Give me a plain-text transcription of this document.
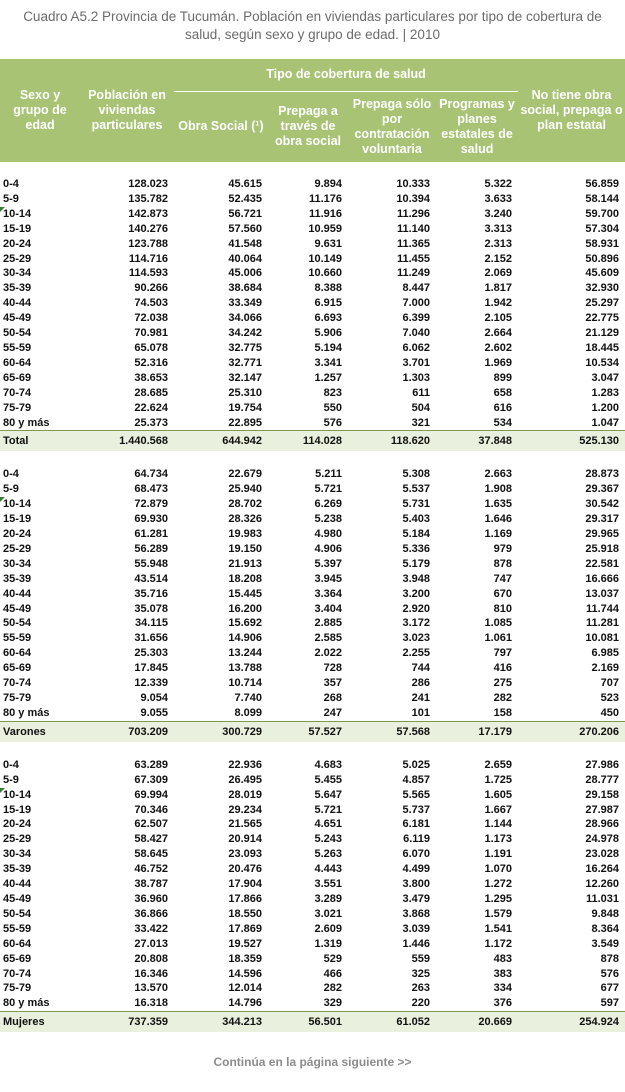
Cuadro A5.2 Provincia de Tucumán. Población en viviendas particulares por tipo de cobertura de salud, según sexo y grupo de edad. | 2010
Sexo y grupo de edad	Población en viviendas particulares	Tipo de cobertura de salud				No tiene obra social, prepaga o plan estatal
		Obra Social (¹)	Prepaga a través de obra social	Prepaga sólo por contratación voluntaria	Programas y planes estatales de salud	

0-4	128.023	45.615	9.894	10.333	5.322	56.859
5-9	135.782	52.435	11.176	10.394	3.633	58.144
10-14	142.873	56.721	11.916	11.296	3.240	59.700
15-19	140.276	57.560	10.959	11.140	3.313	57.304
20-24	123.788	41.548	9.631	11.365	2.313	58.931
25-29	114.716	40.064	10.149	11.455	2.152	50.896
30-34	114.593	45.006	10.660	11.249	2.069	45.609
35-39	90.266	38.684	8.388	8.447	1.817	32.930
40-44	74.503	33.349	6.915	7.000	1.942	25.297
45-49	72.038	34.066	6.693	6.399	2.105	22.775
50-54	70.981	34.242	5.906	7.040	2.664	21.129
55-59	65.078	32.775	5.194	6.062	2.602	18.445
60-64	52.316	32.771	3.341	3.701	1.969	10.534
65-69	38.653	32.147	1.257	1.303	899	3.047
70-74	28.685	25.310	823	611	658	1.283
75-79	22.624	19.754	550	504	616	1.200
80 y más	25.373	22.895	576	321	534	1.047
Total	1.440.568	644.942	114.028	118.620	37.848	525.130

0-4	64.734	22.679	5.211	5.308	2.663	28.873
5-9	68.473	25.940	5.721	5.537	1.908	29.367
10-14	72.879	28.702	6.269	5.731	1.635	30.542
15-19	69.930	28.326	5.238	5.403	1.646	29.317
20-24	61.281	19.983	4.980	5.184	1.169	29.965
25-29	56.289	19.150	4.906	5.336	979	25.918
30-34	55.948	21.913	5.397	5.179	878	22.581
35-39	43.514	18.208	3.945	3.948	747	16.666
40-44	35.716	15.445	3.364	3.200	670	13.037
45-49	35.078	16.200	3.404	2.920	810	11.744
50-54	34.115	15.692	2.885	3.172	1.085	11.281
55-59	31.656	14.906	2.585	3.023	1.061	10.081
60-64	25.303	13.244	2.022	2.255	797	6.985
65-69	17.845	13.788	728	744	416	2.169
70-74	12.339	10.714	357	286	275	707
75-79	9.054	7.740	268	241	282	523
80 y más	9.055	8.099	247	101	158	450
Varones	703.209	300.729	57.527	57.568	17.179	270.206

0-4	63.289	22.936	4.683	5.025	2.659	27.986
5-9	67.309	26.495	5.455	4.857	1.725	28.777
10-14	69.994	28.019	5.647	5.565	1.605	29.158
15-19	70.346	29.234	5.721	5.737	1.667	27.987
20-24	62.507	21.565	4.651	6.181	1.144	28.966
25-29	58.427	20.914	5.243	6.119	1.173	24.978
30-34	58.645	23.093	5.263	6.070	1.191	23.028
35-39	46.752	20.476	4.443	4.499	1.070	16.264
40-44	38.787	17.904	3.551	3.800	1.272	12.260
45-49	36.960	17.866	3.289	3.479	1.295	11.031
50-54	36.866	18.550	3.021	3.868	1.579	9.848
55-59	33.422	17.869	2.609	3.039	1.541	8.364
60-64	27.013	19.527	1.319	1.446	1.172	3.549
65-69	20.808	18.359	529	559	483	878
70-74	16.346	14.596	466	325	383	576
75-79	13.570	12.014	282	263	334	677
80 y más	16.318	14.796	329	220	376	597
Mujeres	737.359	344.213	56.501	61.052	20.669	254.924
Continúa en la página siguiente >>
